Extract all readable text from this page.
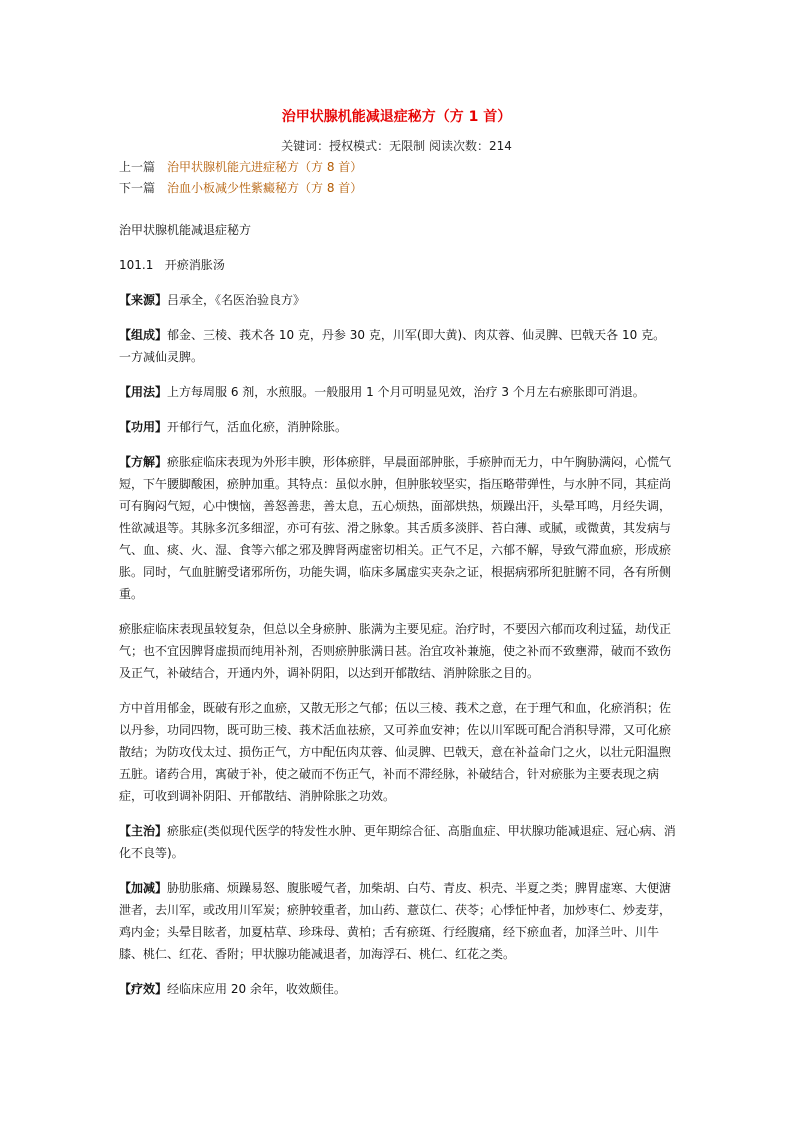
治甲状腺机能减退症秘方（方 1 首）
关键词：授权模式：无限制 阅读次数：214
上一篇 治甲状腺机能亢进症秘方（方 8 首）
下一篇 治血小板减少性紫癜秘方（方 8 首）

治甲状腺机能减退症秘方

101.1 开瘀消胀汤

【来源】吕承全，《名医治验良方》

【组成】郁金、三棱、莪术各 10 克，丹参 30 克，川军(即大黄)、肉苁蓉、仙灵脾、巴戟天各 10 克。一方减仙灵脾。

【用法】上方每周服 6 剂，水煎服。一般服用 1 个月可明显见效，治疗 3 个月左右瘀胀即可消退。

【功用】开郁行气，活血化瘀，消肿除胀。

【方解】瘀胀症临床表现为外形丰腴，形体瘀胖，早晨面部肿胀，手瘀肿而无力，中午胸胁满闷，心慌气短，下午腰脚酸困，瘀肿加重。其特点：虽似水肿，但肿胀较坚实，指压略带弹性，与水肿不同，其症尚可有胸闷气短，心中懊恼，善怒善悲，善太息，五心烦热，面部烘热，烦躁出汗，头晕耳鸣，月经失调，性欲减退等。其脉多沉多细涩，亦可有弦、滑之脉象。其舌质多淡胖、苔白薄、或腻，或微黄，其发病与气、血、痰、火、湿、食等六郁之邪及脾肾两虚密切相关。正气不足，六郁不解，导致气滞血瘀，形成瘀胀。同时，气血脏腑受诸邪所伤，功能失调，临床多属虚实夹杂之证，根据病邪所犯脏腑不同，各有所侧重。

瘀胀症临床表现虽较复杂，但总以全身瘀肿、胀满为主要见症。治疗时，不要因六郁而攻利过猛，劫伐正气；也不宜因脾肾虚损而纯用补剂，否则瘀肿胀满日甚。治宜攻补兼施，使之补而不致壅滞，破而不致伤及正气，补破结合，开通内外，调补阴阳，以达到开郁散结、消肿除胀之目的。

方中首用郁金，既破有形之血瘀，又散无形之气郁；伍以三棱、莪术之意，在于理气和血，化瘀消积；佐以丹参，功同四物，既可助三棱、莪术活血祛瘀，又可养血安神；佐以川军既可配合消积导滞，又可化瘀散结；为防攻伐太过、损伤正气，方中配伍肉苁蓉、仙灵脾、巴戟天，意在补益命门之火，以壮元阳温煦五脏。诸药合用，寓破于补，使之破而不伤正气，补而不滞经脉，补破结合，针对瘀胀为主要表现之病症，可收到调补阴阳、开郁散结、消肿除胀之功效。

【主治】瘀胀症(类似现代医学的特发性水肿、更年期综合征、高脂血症、甲状腺功能减退症、冠心病、消化不良等)。

【加减】胁肋胀痛、烦躁易怒、腹胀嗳气者，加柴胡、白芍、青皮、枳壳、半夏之类；脾胃虚寒、大便溏泄者，去川军，或改用川军炭；瘀肿较重者，加山药、薏苡仁、茯苓；心悸怔忡者，加炒枣仁、炒麦芽，鸡内金；头晕目眩者，加夏枯草、珍珠母、黄柏；舌有瘀斑、行经腹痛，经下瘀血者，加泽兰叶、川牛膝、桃仁、红花、香附；甲状腺功能减退者，加海浮石、桃仁、红花之类。

【疗效】经临床应用 20 余年，收效颇佳。
